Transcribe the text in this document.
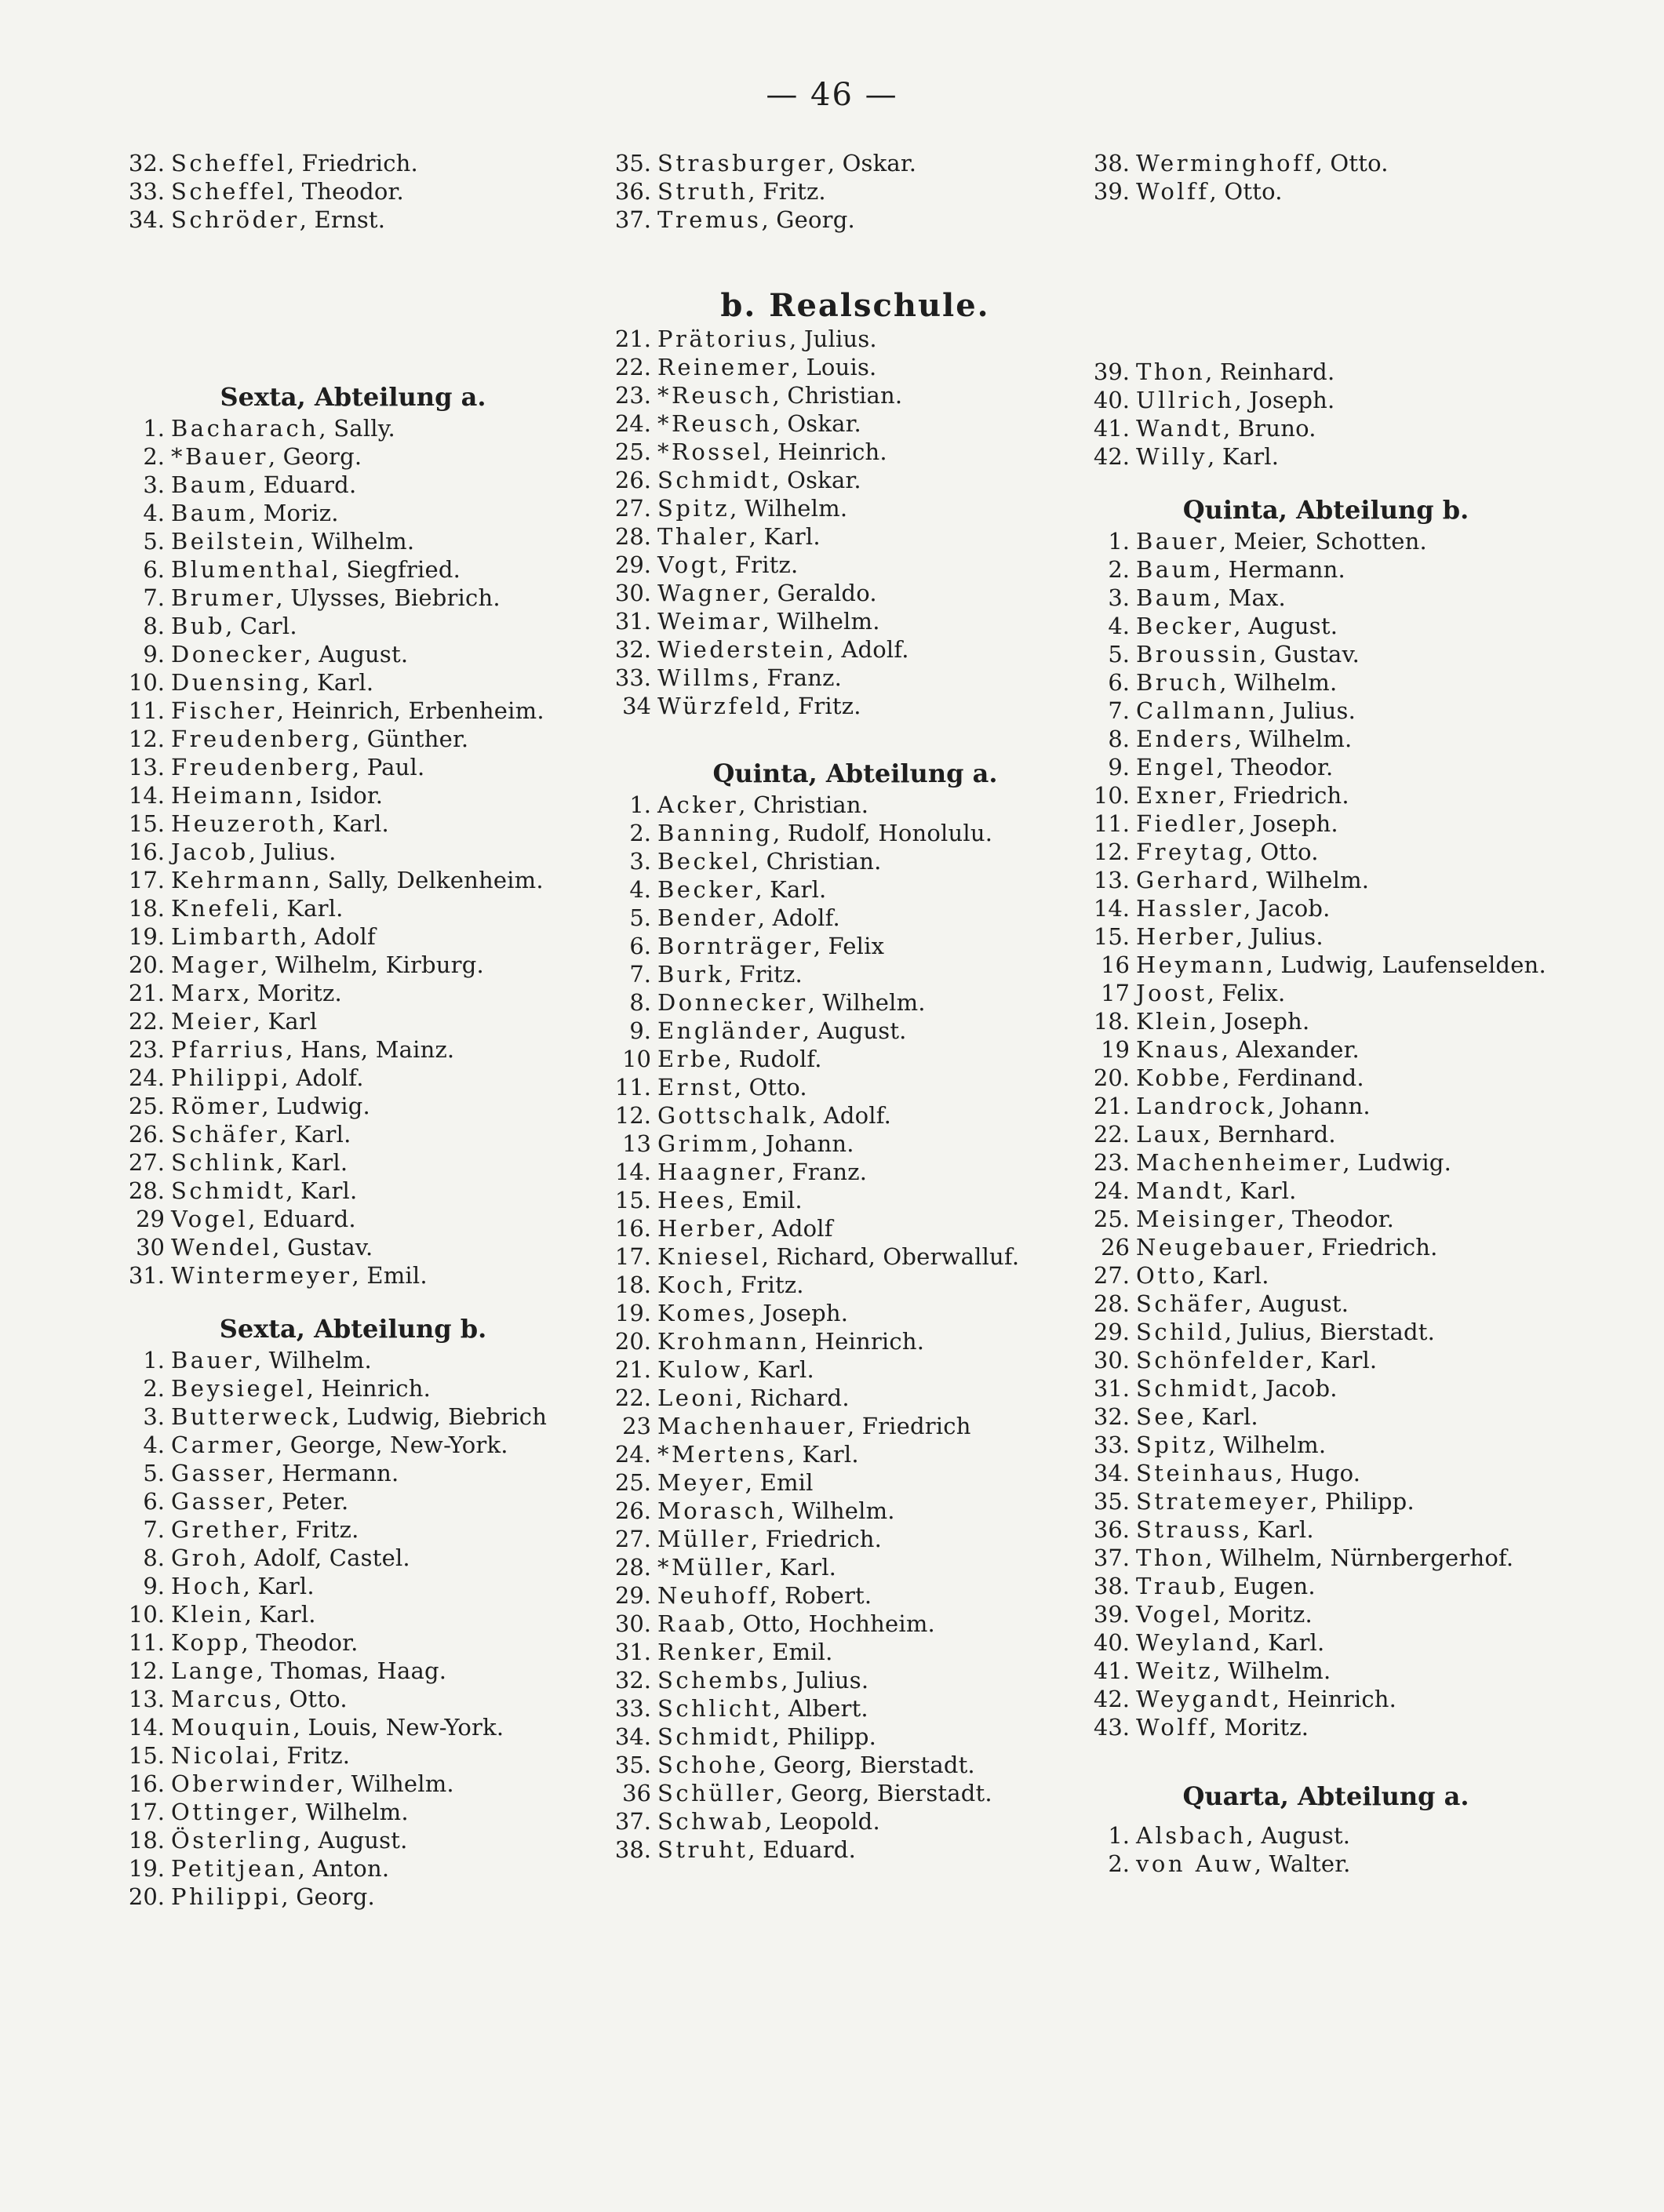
— 46 —
32. Scheffel , Friedrich.
33. Scheffel , Theodor.
34. Schröder , Ernst.
Sexta, Abteilung a.
1. Bacharach , Sally.
2. *Bauer , Georg.
3. Baum , Eduard.
4. Baum , Moriz.
5. Beilstein , Wilhelm.
6. Blumenthal , Siegfried.
7. Brumer , Ulysses, Biebrich.
8. Bub , Carl.
9. Donecker , August.
10. Duensing , Karl.
11. Fischer , Heinrich, Erbenheim.
12. Freudenberg , Günther.
13. Freudenberg , Paul.
14. Heimann , Isidor.
15. Heuzeroth , Karl.
16. Jacob , Julius.
17. Kehrmann , Sally, Delkenheim.
18. Knefeli , Karl.
19. Limbarth , Adolf
20. Mager , Wilhelm, Kirburg.
21. Marx , Moritz.
22. Meier , Karl
23. Pfarrius , Hans, Mainz.
24. Philippi , Adolf.
25. Römer , Ludwig.
26. Schäfer , Karl.
27. Schlink , Karl.
28. Schmidt , Karl.
29 Vogel , Eduard.
30 Wendel , Gustav.
31. Wintermeyer , Emil.
Sexta, Abteilung b.
1. Bauer , Wilhelm.
2. Beysiegel , Heinrich.
3. Butterweck , Ludwig, Biebrich
4. Carmer , George, New-York.
5. Gasser , Hermann.
6. Gasser , Peter.
7. Grether , Fritz.
8. Groh , Adolf, Castel.
9. Hoch , Karl.
10. Klein , Karl.
11. Kopp , Theodor.
12. Lange , Thomas, Haag.
13. Marcus , Otto.
14. Mouquin , Louis, New-York.
15. Nicolai , Fritz.
16. Oberwinder , Wilhelm.
17. Ottinger , Wilhelm.
18. Österling , August.
19. Petitjean , Anton.
20. Philippi , Georg.
35. Strasburger , Oskar.
36. Struth , Fritz.
37. Tremus , Georg.
b. Realschule.
21. Prätorius , Julius.
22. Reinemer , Louis.
23. *Reusch , Christian.
24. *Reusch , Oskar.
25. *Rossel , Heinrich.
26. Schmidt , Oskar.
27. Spitz , Wilhelm.
28. Thaler , Karl.
29. Vogt , Fritz.
30. Wagner , Geraldo.
31. Weimar , Wilhelm.
32. Wiederstein , Adolf.
33. Willms , Franz.
34 Würzfeld , Fritz.
Quinta, Abteilung a.
1. Acker , Christian.
2. Banning , Rudolf, Honolulu.
3. Beckel , Christian.
4. Becker , Karl.
5. Bender , Adolf.
6. Bornträger , Felix
7. Burk , Fritz.
8. Donnecker , Wilhelm.
9. Engländer , August.
10 Erbe , Rudolf.
11. Ernst , Otto.
12. Gottschalk , Adolf.
13 Grimm , Johann.
14. Haagner , Franz.
15. Hees , Emil.
16. Herber , Adolf
17. Kniesel , Richard, Oberwalluf.
18. Koch , Fritz.
19. Komes , Joseph.
20. Krohmann , Heinrich.
21. Kulow , Karl.
22. Leoni , Richard.
23 Machenhauer , Friedrich
24. *Mertens , Karl.
25. Meyer , Emil
26. Morasch , Wilhelm.
27. Müller , Friedrich.
28. *Müller , Karl.
29. Neuhoff , Robert.
30. Raab , Otto, Hochheim.
31. Renker , Emil.
32. Schembs , Julius.
33. Schlicht , Albert.
34. Schmidt , Philipp.
35. Schohe , Georg, Bierstadt.
36 Schüller , Georg, Bierstadt.
37. Schwab , Leopold.
38. Struht , Eduard.
38. Werminghoff , Otto.
39. Wolff , Otto.
39. Thon , Reinhard.
40. Ullrich , Joseph.
41. Wandt , Bruno.
42. Willy , Karl.
Quinta, Abteilung b.
1. Bauer , Meier, Schotten.
2. Baum , Hermann.
3. Baum , Max.
4. Becker , August.
5. Broussin , Gustav.
6. Bruch , Wilhelm.
7. Callmann , Julius.
8. Enders , Wilhelm.
9. Engel , Theodor.
10. Exner , Friedrich.
11. Fiedler , Joseph.
12. Freytag , Otto.
13. Gerhard , Wilhelm.
14. Hassler , Jacob.
15. Herber , Julius.
16 Heymann , Ludwig, Laufenselden.
17 Joost , Felix.
18. Klein , Joseph.
19 Knaus , Alexander.
20. Kobbe , Ferdinand.
21. Landrock , Johann.
22. Laux , Bernhard.
23. Machenheimer , Ludwig.
24. Mandt , Karl.
25. Meisinger , Theodor.
26 Neugebauer , Friedrich.
27. Otto , Karl.
28. Schäfer , August.
29. Schild , Julius, Bierstadt.
30. Schönfelder , Karl.
31. Schmidt , Jacob.
32. See , Karl.
33. Spitz , Wilhelm.
34. Steinhaus , Hugo.
35. Stratemeyer , Philipp.
36. Strauss , Karl.
37. Thon , Wilhelm, Nürnbergerhof.
38. Traub , Eugen.
39. Vogel , Moritz.
40. Weyland , Karl.
41. Weitz , Wilhelm.
42. Weygandt , Heinrich.
43. Wolff , Moritz.
Quarta, Abteilung a.
1. Alsbach , August.
2. von Auw , Walter.
